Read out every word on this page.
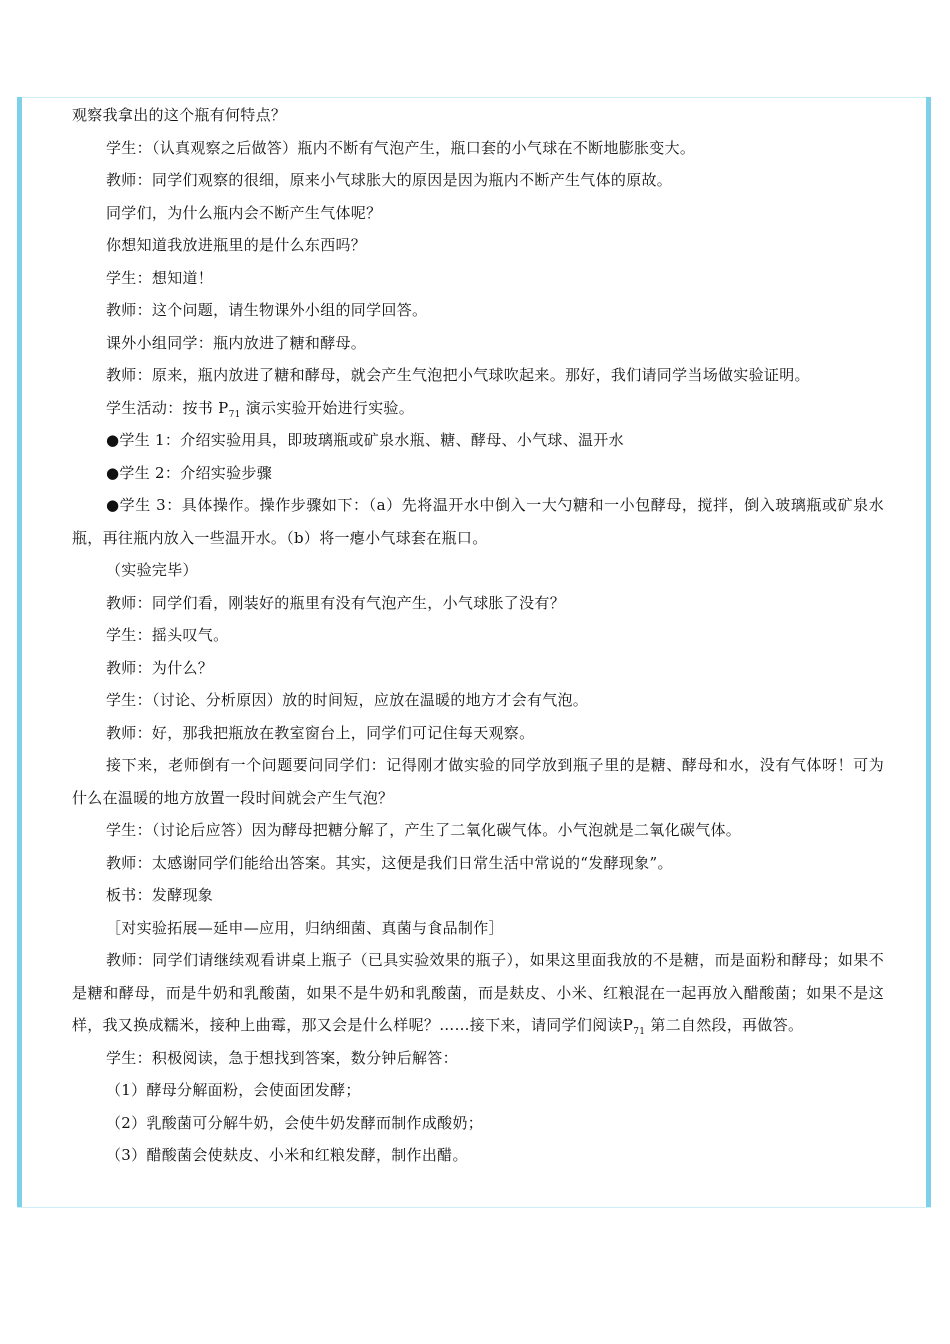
观察我拿出的这个瓶有何特点？

学生：（认真观察之后做答）瓶内不断有气泡产生，瓶口套的小气球在不断地膨胀变大。

教师：同学们观察的很细，原来小气球胀大的原因是因为瓶内不断产生气体的原故。

同学们，为什么瓶内会不断产生气体呢？

你想知道我放进瓶里的是什么东西吗？

学生：想知道！

教师：这个问题，请生物课外小组的同学回答。

课外小组同学：瓶内放进了糖和酵母。

教师：原来，瓶内放进了糖和酵母，就会产生气泡把小气球吹起来。那好，我们请同学当场做实验证明。

学生活动：按书 $P_{71}$ 演示实验开始进行实验。

●学生 1：介绍实验用具，即玻璃瓶或矿泉水瓶、糖、酵母、小气球、温开水

●学生 2：介绍实验步骤

●学生 3：具体操作。操作步骤如下：（a）先将温开水中倒入一大勺糖和一小包酵母，搅拌，倒入玻璃瓶或矿泉水瓶，再往瓶内放入一些温开水。（b）将一瘪小气球套在瓶口。

（实验完毕）

教师：同学们看，刚装好的瓶里有没有气泡产生，小气球胀了没有？

学生：摇头叹气。

教师：为什么？

学生：（讨论、分析原因）放的时间短，应放在温暖的地方才会有气泡。

教师：好，那我把瓶放在教室窗台上，同学们可记住每天观察。

接下来，老师倒有一个问题要问同学们：记得刚才做实验的同学放到瓶子里的是糖、酵母和水，没有气体呀！可为什么在温暖的地方放置一段时间就会产生气泡？

学生：（讨论后应答）因为酵母把糖分解了，产生了二氧化碳气体。小气泡就是二氧化碳气体。

教师：太感谢同学们能给出答案。其实，这便是我们日常生活中常说的“发酵现象”。

板书：发酵现象

［对实验拓展—延申—应用，归纳细菌、真菌与食品制作］

教师：同学们请继续观看讲桌上瓶子（已具实验效果的瓶子），如果这里面我放的不是糖，而是面粉和酵母；如果不是糖和酵母，而是牛奶和乳酸菌，如果不是牛奶和乳酸菌，而是麸皮、小米、红粮混在一起再放入醋酸菌；如果不是这样，我又换成糯米，接种上曲霉，那又会是什么样呢？……接下来，请同学们阅读$P_{71}$ 第二自然段，再做答。

学生：积极阅读，急于想找到答案，数分钟后解答：

（1）酵母分解面粉，会使面团发酵；

（2）乳酸菌可分解牛奶，会使牛奶发酵而制作成酸奶；

（3）醋酸菌会使麸皮、小米和红粮发酵，制作出醋。
